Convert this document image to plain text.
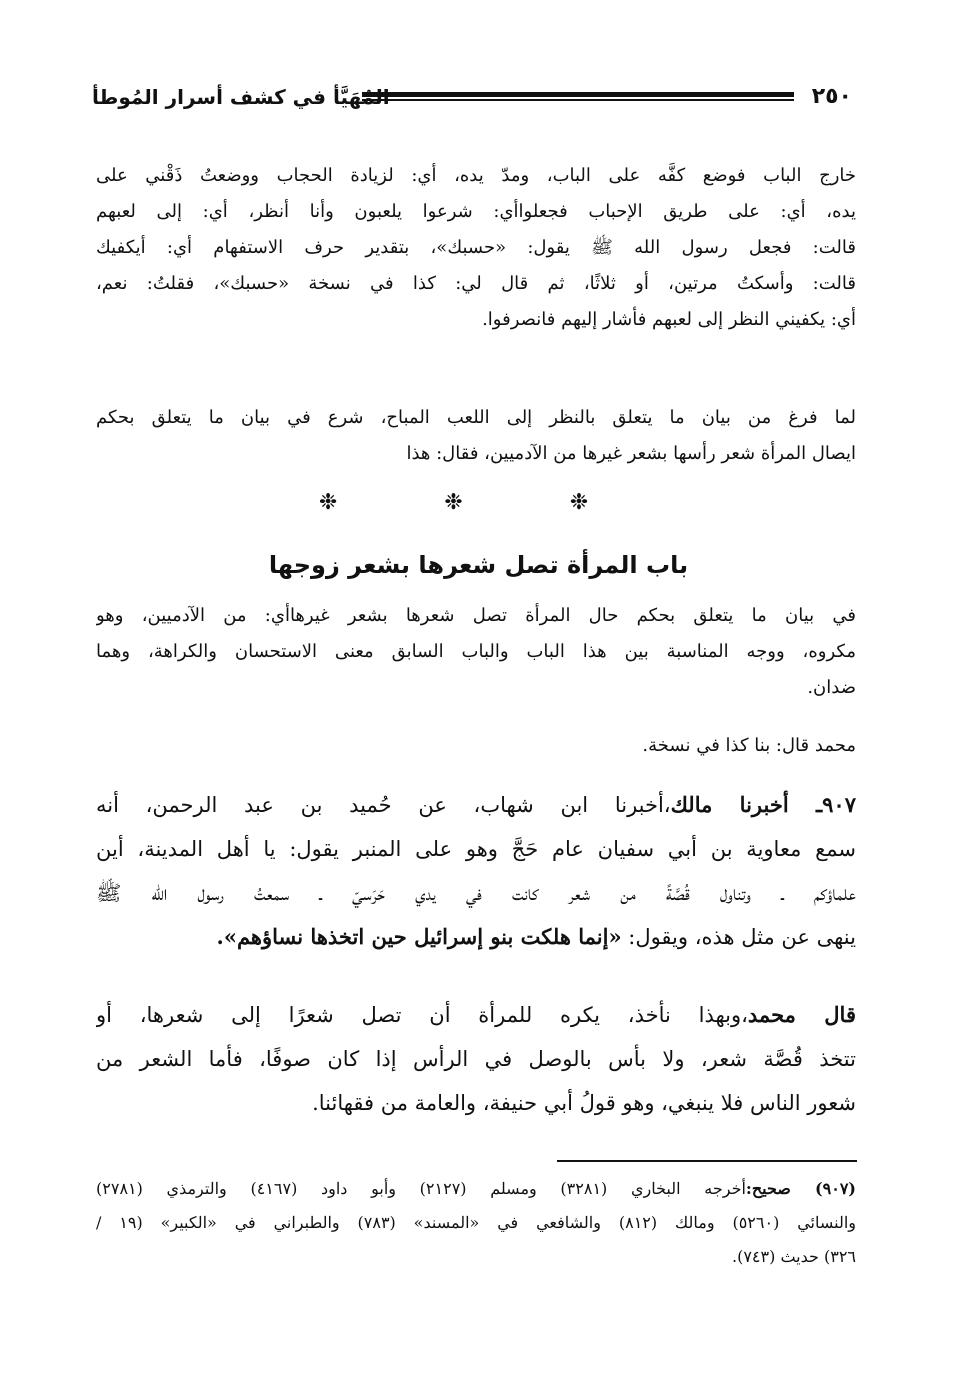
٢٥٠
المُهَيَّأ في كشف أسرار المُوطأ
خارج الباب فوضع كفَّه على الباب، ومدّ يده، أي: لزيادة الحجاب ووضعتُ ذَقْني على
يده، أي: على طريق الإحباب فجعلواأي: شرعوا يلعبون وأنا أنظر، أي: إلى لعبهم
قالت: فجعل رسول الله ﷺ يقول: «حسبك»، بتقدير حرف الاستفهام أي: أيكفيك
قالت: وأسكتُ مرتين، أو ثلاثًا، ثم قال لي: كذا في نسخة «حسبك»، فقلتُ: نعم،
أي: يكفيني النظر إلى لعبهم فأشار إليهم فانصرفوا.
لما فرغ من بيان ما يتعلق بالنظر إلى اللعب المباح، شرع في بيان ما يتعلق بحكم
ايصال المرأة شعر رأسها بشعر غيرها من الآدميين، فقال: هذا
❉ ❉ ❉
باب المرأة تصل شعرها بشعر زوجها
في بيان ما يتعلق بحكم حال المرأة تصل شعرها بشعر غيرهاأي: من الآدميين، وهو
مكروه، ووجه المناسبة بين هذا الباب والباب السابق معنى الاستحسان والكراهة، وهما
ضدان.
محمد قال: بنا كذا في نسخة.
٩٠٧ـ أخبرنا مالك،أخبرنا ابن شهاب، عن حُميد بن عبد الرحمن، أنه
سمع معاوية بن أبي سفيان عام حَجَّ وهو على المنبر يقول: يا أهل المدينة، أين
علماؤكم ـ وتناول قُصَّةً من شعر كانت في يدي حَرَسيّ ـ سمعتُ رسول الله ﷺ
ينهى عن مثل هذه، ويقول: «إنما هلكت بنو إسرائيل حين اتخذها نساؤهم».
قال محمد،وبهذا نأخذ، يكره للمرأة أن تصل شعرًا إلى شعرها، أو
تتخذ قُصَّة شعر، ولا بأس بالوصل في الرأس إذا كان صوفًا، فأما الشعر من
شعور الناس فلا ينبغي، وهو قولُ أبي حنيفة، والعامة من فقهائنا.
(٩٠٧) صحيح:أخرجه البخاري (٣٢٨١) ومسلم (٢١٢٧) وأبو داود (٤١٦٧) والترمذي (٢٧٨١)
والنسائي (٥٢٦٠) ومالك (٨١٢) والشافعي في «المسند» (٧٨٣) والطبراني في «الكبير» (١٩ /
٣٢٦) حديث (٧٤٣).
